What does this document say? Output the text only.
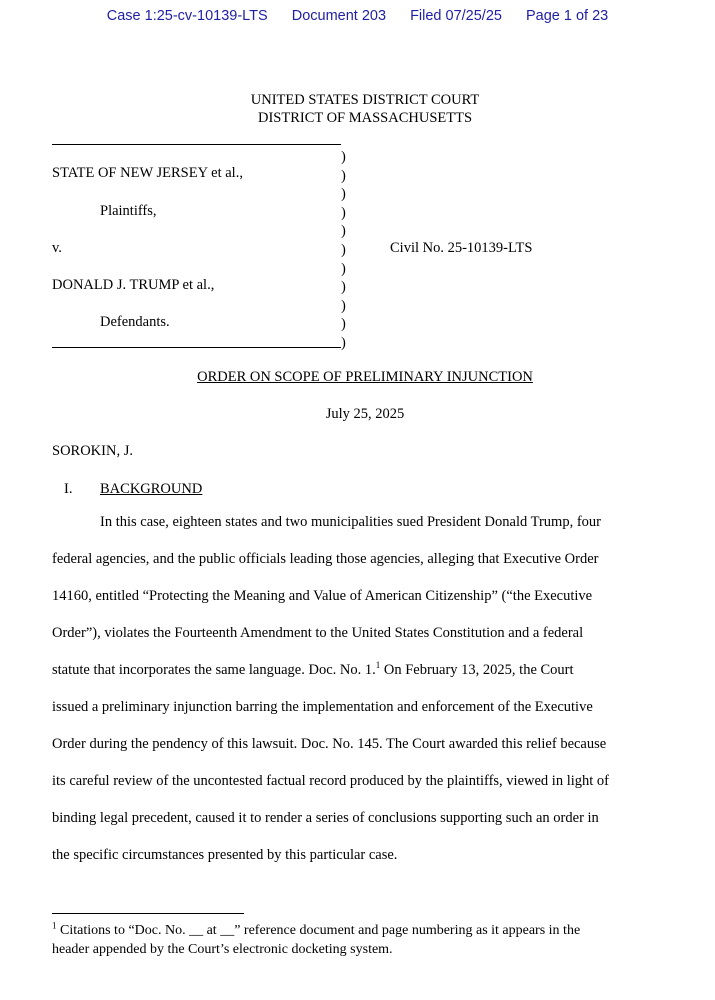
Case 1:25-cv-10139-LTS Document 203 Filed 07/25/25 Page 1 of 23
UNITED STATES DISTRICT COURT
DISTRICT OF MASSACHUSETTS
STATE OF NEW JERSEY et al.,
Plaintiffs,
v.
DONALD J. TRUMP et al.,
Defendants.
)
)
)
)
)
)
)
)
)
)
)
Civil No. 25-10139-LTS
ORDER ON SCOPE OF PRELIMINARY INJUNCTION
July 25, 2025
SOROKIN, J.
I. BACKGROUND
In this case, eighteen states and two municipalities sued President Donald Trump, four
federal agencies, and the public officials leading those agencies, alleging that Executive Order
14160, entitled “Protecting the Meaning and Value of American Citizenship” (“the Executive
Order”), violates the Fourteenth Amendment to the United States Constitution and a federal
statute that incorporates the same language. Doc. No. 1.$^1$ On February 13, 2025, the Court
issued a preliminary injunction barring the implementation and enforcement of the Executive
Order during the pendency of this lawsuit. Doc. No. 145. The Court awarded this relief because
its careful review of the uncontested factual record produced by the plaintiffs, viewed in light of
binding legal precedent, caused it to render a series of conclusions supporting such an order in
the specific circumstances presented by this particular case.
$^1$ Citations to “Doc. No. __ at __” reference document and page numbering as it appears in the
header appended by the Court’s electronic docketing system.
